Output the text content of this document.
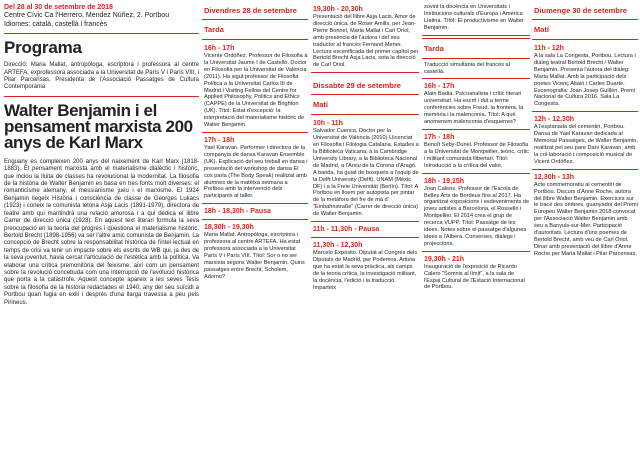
Del 28 al 30 de setembre de 2018
Centre Cívic Ca l'Herrero, Mendez Núñez, 2. Portbou
Idiomes: català, castellà i francès
Programa
Direcció: Maria Mallat, antropòloga, escriptora i professora al centre ARTEFA, exprofessora associada a la Universitat de París V i París VIII, i Pilar Parcerisas, Presidenta de l'Associació Passatges de Cultura Contemporània
Walter Benjamin i el pensament marxista 200 anys de Karl Marx
Enguany es compleixen 200 anys del naixement de Karl Marx (1818-1883). El pensament marxista amb el materialisme dialèctic i històric, que inclou la lluita de classes ha revolucionat la modernitat. La filosofia de la història de Walter Benjamin es basa en tres fonts molt diverses: el romanticisme alemany, el messianisme jueu i el marxisme. El 1924 Benjamin llegeix Història i consciència de classe de Georges Lukacs (1923) i coneix la comunista letona Asja Lacis (1891-1979), directora de teatre amb qui mantindrà una relació amorosa i a qui dedica el llibre Carrer de direcció única (1928). En aquest text literari formula la seva preocupació en la teoria del progrés i qüestiona el materialisme històric. Bertold Brecht (1898-1956) va ser l'altre amic comunista de Benjamin. La concepció de Brecht sobre la responsabilitat històrica de l'intel·lectual en temps de crisi va tenir un impacte sobre els escrits de WB qui, ja des de la seva joventut, havia cercat l'articulació de l'estètica amb la política. Va elaborar una crítica premonitòria del feixisme, així com un pensament sobre la revolució concebuda com una interrupció de l'evolució històrica que porta a la catàstrofe. Aquest concepte apareix a les seves Tesis sobre la filosofia de la història redactades el 1940, any del seu suïcidi a Portbou quan fugia en exili i després d'una llarga travessa a peu pels Pirineus.
Divendres 28 de setembre
Tarda
16h - 17h
Vicente Ordóñez. Professor de Filosofia a la Universitat Jaume I de Castelló. Doctor en Filosofia per la Universitat de València (2011). Ha sigut professor de Filosofia Política a la Universitat Carlos III de Madrid i Visiting Fellow del Centre for Applied Philosophy, Politics and Ethics (CAPPE) de la Universitat de Brighton (UK). Títol: Estat d'excepció: la interpretació del materialisme històric de Walter Benjamin
17h - 18h
Yael Karavan. Performer i directora de la companyia de dansa Karavan Ensemble (UK). Explicació del seu treball en dansa i presentació del workshop de dansa El cos parla (The Body Speak) realitzat amb alumnes de la matèixa setmana a Portbou amb la intervenció dels participants al taller.
18h - 18,30h - Pausa
18,30h - 19,30h
Maria Mallat. Antropòloga, escriptora i professora al centre ARTEFA. Ha estat professora associada a la Universitat París V i París VIII. Títol: Sor o no ser marxista segons Walter Benjamin. Quins passatges entre Brecht, Scholem, Adorno?
19,30h - 20,30h
Presentació del llibre Asja Lacis. Amor de direcció única, de Roser Amills, per Jean-Pierre Bonnel, Maria Mallat i Carl Oriol, amb presència de l'autora i del seu traductor al francès Fernand Mener. Lectura escenificada del primer capítol per Bertold Brecht Asja Lacis, sota la direcció de Carl Oriol.
Dissabte 29 de setembre
Matí
10h - 11h
Salvador Cuenca. Doctor per la Universitat de València (2010) Llicenciat en Filosofia i Filologia Catalana. Estades a la Biblioteca Vaticana, a la Cambridge University Library, a la Biblioteca Nacional de Madrid, a l'Arxiu de la Corona d'Aragó. A banda, ha guiat de bosquets a l'equip de la Delft University (Delft), UNAM (Mèxic DF) i a la Freie Universität (Berlín). Títol: A Portbou en lloem per autopista per pintar de la metàfora del fre de mà d' "Einbahnstraße" (Carrer de direcció única) de Walter Benjamin.
11h - 11,30h - Pausa
11,30h - 12,30h
Marcelo Expósito. Diputat al Congrés dels Diputats de Madrid, per Podemos. Artista que ha estat la seva pràctica, als camps de la teoria crítica, la investigació militant, la docència, l'edició i la traducció. Imparteix
sovint la docència en Universitats i Institucions culturals d'Europa i Amèrica Llatina. Títol: El productivisme en Walter Benjamin.
Tarda
Traducció simultània del francès al castellà.
16h - 17h
Alain Badia. Psicoanalista i crític literari universitari. Ha escrit i dut a terme conferències sobre Freud, la frontera, la memòria i la malenconia. Títol: A què anomenem malenconia d'esquerres?
17h - 18h
Benoît Seby-Dunel. Professor de Filosofia a la Universitat de Montpellier, teòric, crític i militant comunista llibertari. Títol: Introducció a la crítica del valor.
18h - 19,15h
Joan Calens. Professor de l'Escola de Belles Arts de Bordeus fins al 2017. Ha organitzat exposicions i esdeveniments de joves artistes a Barcelona, el Rosselló i Montpellier. El 2014 crea el grup de recerca VUPP. Títol: Passatge de les idees. Notes sobre el passatge d'algunes idees a l'Albera. Converses, diàlegs i projeccions.
19,30h - 21h
Inauguració de l'exposició de Ricardo Calero "Somnis al límit", a la sala de l'Espai Cultural de l'Estació Internacional de Portbou.
Diumenge 30 de setembre
Matí
11h - 12h
A la sala La Congesta, Portbou. Lectura i diàleg teatral Bertold Brecht / Walter Benjamin. Presenta l'autora del diàleg: Maria Mallat. Amb la participació dels poetes Vicenç Altaió i Carles Duarte. Escenografia: Joan Josep Guillén. Premi Nacional de Cultura 2016. Sala La Congesta.
12h - 12,30h
A l'esplanada del cementiri, Portbou. Dansa de Yael Karavan dedicada al Memorial Passatges, de Walter Benjamin, realitzat pel seu pare Dani Karavan, amb la col·laboració i composició musical de Vicent Ordóñez.
12,30h - 13h
Acte commemoratiu al cementiri de Portbou. Discurs d'Anne Roche, autora del llibre Walter Benjamin. Exercices sur le tracé des ombres, guanyador del Premi Europeu Walter Benjamin 2018 convocat per l'Associació Walter Benjamin amb seu a Banyuls-sur-Mer. Participació d'autoritats. Lectura d'uns poemes de Bertold Brecht, amb veu de Carl Oriol. Dinar amb presentació del llibre d'Anne Roche per Maria Mallat i Pilar Parcerisas.
